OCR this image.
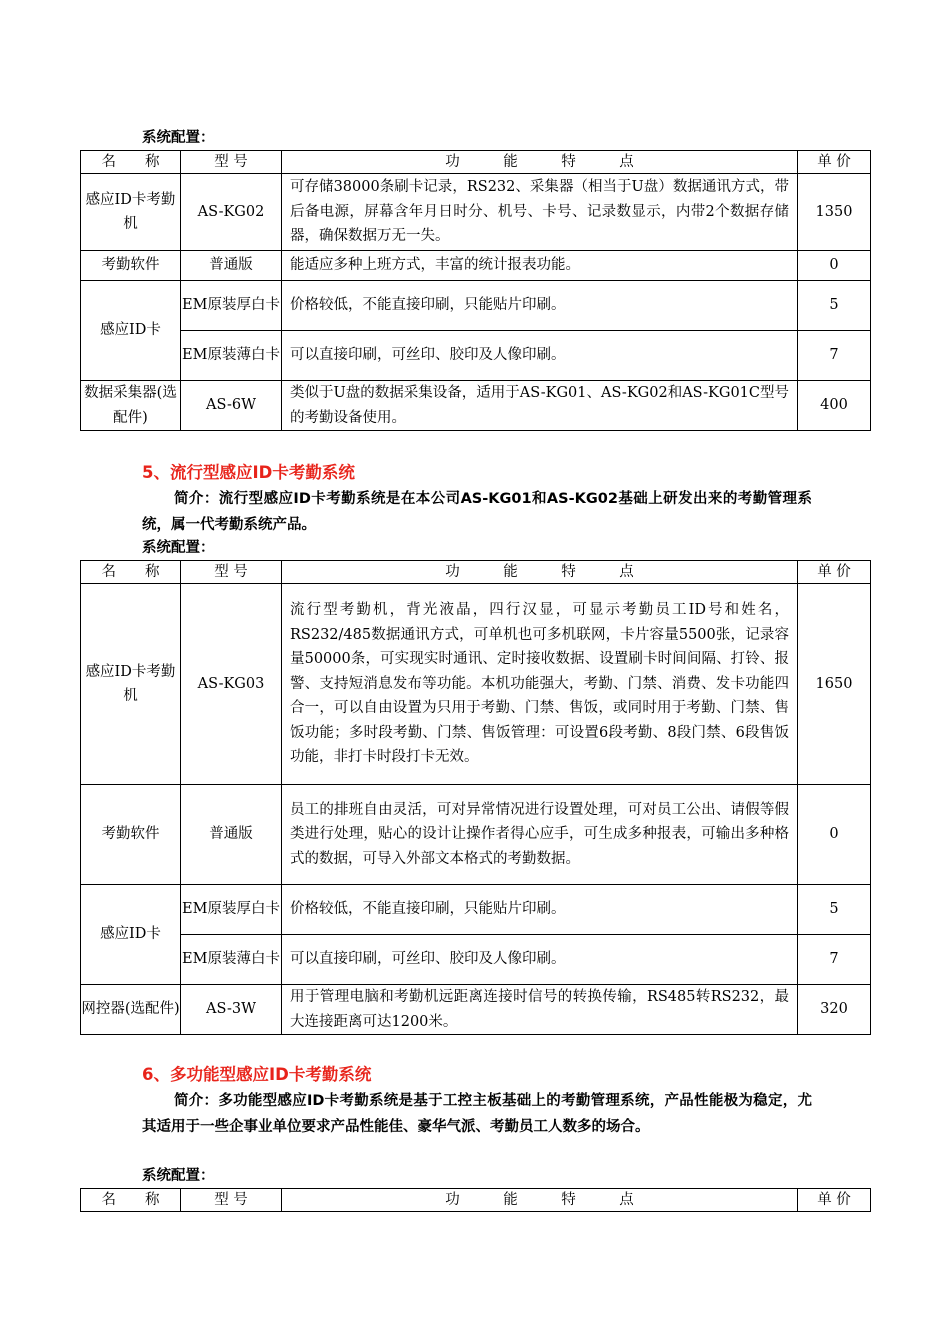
系统配置：
名　　称	型 号	功　　　能　　　特　　　点	单 价
感应ID卡考勤机	AS-KG02	可存储38000条刷卡记录，RS232、采集器（相当于U盘）数据通讯方式，带后备电源，屏幕含年月日时分、机号、卡号、记录数显示，内带2个数据存储器，确保数据万无一失。	1350
考勤软件	普通版	能适应多种上班方式，丰富的统计报表功能。	0
感应ID卡	EM原装厚白卡	价格较低，不能直接印刷，只能贴片印刷。	5
	EM原装薄白卡	可以直接印刷，可丝印、胶印及人像印刷。	7
数据采集器(选配件)	AS-6W	类似于U盘的数据采集设备，适用于AS-KG01、AS-KG02和AS-KG01C型号的考勤设备使用。	400
5、流行型感应ID卡考勤系统
简介：流行型感应ID卡考勤系统是在本公司AS-KG01和AS-KG02基础上研发出来的考勤管理系统，属一代考勤系统产品。
系统配置：
名　　称	型 号	功　　　能　　　特　　　点	单 价
感应ID卡考勤机	AS-KG03	流行型考勤机，背光液晶，四行汉显，可显示考勤员工ID号和姓名，RS232/485数据通讯方式，可单机也可多机联网，卡片容量5500张，记录容量50000条，可实现实时通讯、定时接收数据、设置刷卡时间间隔、打铃、报警、支持短消息发布等功能。本机功能强大，考勤、门禁、消费、发卡功能四合一，可以自由设置为只用于考勤、门禁、售饭，或同时用于考勤、门禁、售饭功能；多时段考勤、门禁、售饭管理：可设置6段考勤、8段门禁、6段售饭功能，非打卡时段打卡无效。	1650
考勤软件	普通版	员工的排班自由灵活，可对异常情况进行设置处理，可对员工公出、请假等假类进行处理，贴心的设计让操作者得心应手，可生成多种报表，可输出多种格式的数据，可导入外部文本格式的考勤数据。	0
感应ID卡	EM原装厚白卡	价格较低，不能直接印刷，只能贴片印刷。	5
	EM原装薄白卡	可以直接印刷，可丝印、胶印及人像印刷。	7
网控器(选配件)	AS-3W	用于管理电脑和考勤机远距离连接时信号的转换传输，RS485转RS232，最大连接距离可达1200米。	320
6、多功能型感应ID卡考勤系统
简介：多功能型感应ID卡考勤系统是基于工控主板基础上的考勤管理系统，产品性能极为稳定，尤其适用于一些企事业单位要求产品性能佳、豪华气派、考勤员工人数多的场合。
系统配置：
名　　称	型 号	功　　　能　　　特　　　点	单 价
